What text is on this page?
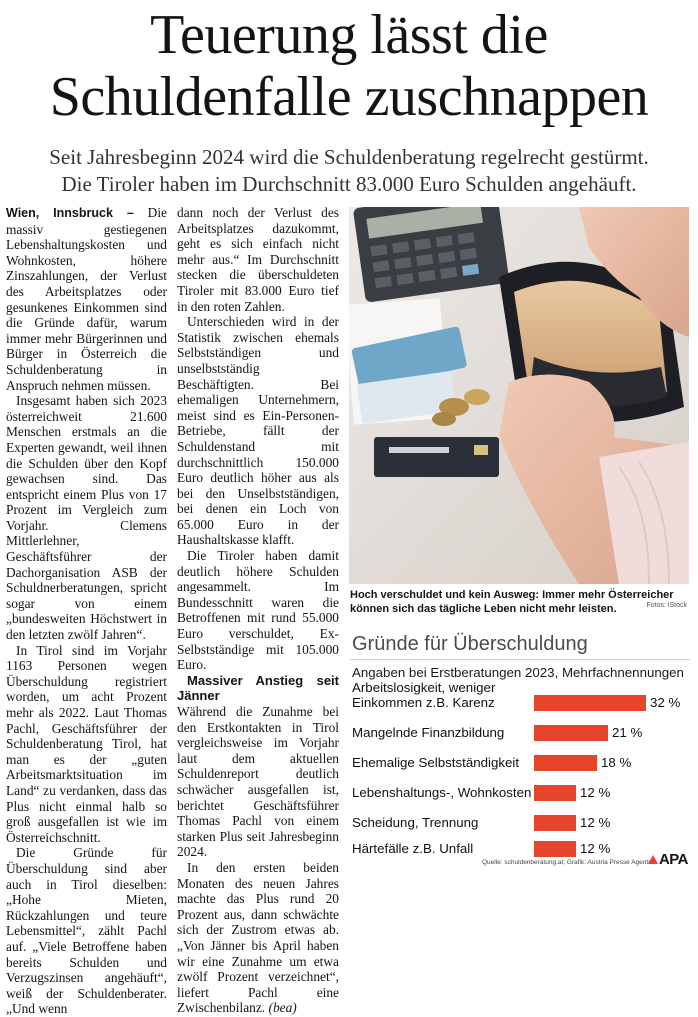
Teuerung lässt die Schuldenfalle zuschnappen
Seit Jahresbeginn 2024 wird die Schuldenberatung regelrecht gestürmt.
Die Tiroler haben im Durchschnitt 83.000 Euro Schulden angehäuft.

Wien, Innsbruck – Die massiv gestiegenen Lebenshaltungskosten und Wohnkosten, höhere Zinszahlungen, der Verlust des Arbeitsplatzes oder gesunkenes Einkommen sind die Gründe dafür, warum immer mehr Bürgerinnen und Bürger in Österreich die Schuldenberatung in Anspruch nehmen müssen.

Insgesamt haben sich 2023 österreichweit 21.600 Menschen erstmals an die Experten gewandt, weil ihnen die Schulden über den Kopf gewachsen sind. Das entspricht einem Plus von 17 Prozent im Vergleich zum Vorjahr. Clemens Mittlerlehner, Geschäftsführer der Dachorganisation ASB der Schuldnerberatungen, spricht sogar von einem „bundesweiten Höchstwert in den letzten zwölf Jahren“.

In Tirol sind im Vorjahr 1163 Personen wegen Überschuldung registriert worden, um acht Prozent mehr als 2022. Laut Thomas Pachl, Geschäftsführer der Schuldenberatung Tirol, hat man es der „guten Arbeitsmarktsituation im Land“ zu verdanken, dass das Plus nicht einmal halb so groß ausgefallen ist wie im Österreichschnitt.

Die Gründe für Überschuldung sind aber auch in Tirol dieselben: „Hohe Mieten, Rückzahlungen und teure Lebensmittel“, zählt Pachl auf. „Viele Betroffene haben bereits Schulden und Verzugszinsen angehäuft“, weiß der Schuldenberater. „Und wenn

dann noch der Verlust des Arbeitsplatzes dazukommt, geht es sich einfach nicht mehr aus.“ Im Durchschnitt stecken die überschuldeten Tiroler mit 83.000 Euro tief in den roten Zahlen.

Unterschieden wird in der Statistik zwischen ehemals Selbstständigen und unselbstständig Beschäftigten. Bei ehemaligen Unternehmern, meist sind es Ein-Personen-Betriebe, fällt der Schuldenstand mit durchschnittlich 150.000 Euro deutlich höher aus als bei den Unselbstständigen, bei denen ein Loch von 65.000 Euro in der Haushaltskasse klafft.

Die Tiroler haben damit deutlich höhere Schulden angesammelt. Im Bundesschnitt waren die Betroffenen mit rund 55.000 Euro verschuldet, Ex-Selbstständige mit 105.000 Euro.

Massiver Anstieg seit Jänner

Während die Zunahme bei den Erstkontakten in Tirol vergleichsweise im Vorjahr laut dem aktuellen Schuldenreport deutlich schwächer ausgefallen ist, berichtet Geschäftsführer Thomas Pachl von einem starken Plus seit Jahresbeginn 2024.

In den ersten beiden Monaten des neuen Jahres machte das Plus rund 20 Prozent aus, dann schwächte sich der Zustrom etwas ab. „Von Jänner bis April haben wir eine Zunahme um etwa zwölf Prozent verzeichnet“, liefert Pachl eine Zwischenbilanz. (bea)

Hoch verschuldet und kein Ausweg: Immer mehr Österreicher können sich das tägliche Leben nicht mehr leisten.	Fotos: iStock
Gründe für Überschuldung
Angaben bei Erstberatungen 2023, Mehrfachnennungen
Arbeitslosigkeit, weniger
Einkommen z.B. Karenz	32 %
Mangelnde Finanzbildung	21 %
Ehemalige Selbstständigkeit	18 %
Lebenshaltungs-, Wohnkosten	12 %
Scheidung, Trennung	12 %
Härtefälle z.B. Unfall	12 %
Quelle: schuldenberatung.at; Grafik: Austria Presse Agentur APA
